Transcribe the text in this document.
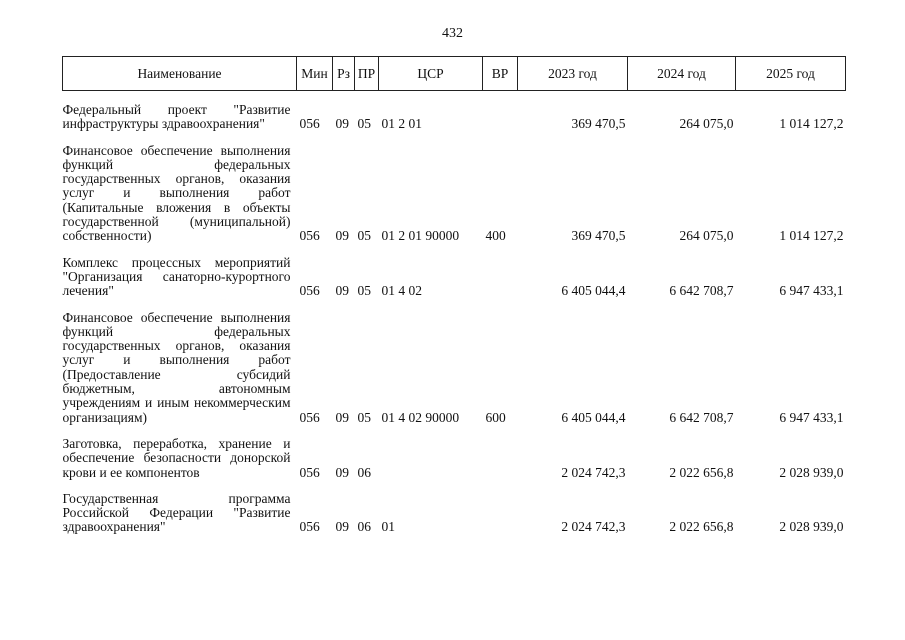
432
Наименование	Мин	Рз	ПР	ЦСР	ВР	2023 год	2024 год	2025 год
Федеральный проект "Развитие инфраструктуры здравоохранения"	056	09	05	01 2 01		369 470,5	264 075,0	1 014 127,2
Финансовое обеспечение выполнения функций федеральных государственных органов, оказания услуг и выполнения работ (Капитальные вложения в объекты государственной (муниципальной) собственности)	056	09	05	01 2 01 90000	400	369 470,5	264 075,0	1 014 127,2
Комплекс процессных мероприятий "Организация санаторно-курортного лечения"	056	09	05	01 4 02		6 405 044,4	6 642 708,7	6 947 433,1
Финансовое обеспечение выполнения функций федеральных государственных органов, оказания услуг и выполнения работ (Предоставление субсидий бюджетным, автономным учреждениям и иным некоммерческим организациям)	056	09	05	01 4 02 90000	600	6 405 044,4	6 642 708,7	6 947 433,1
Заготовка, переработка, хранение и обеспечение безопасности донорской крови и ее компонентов	056	09	06			2 024 742,3	2 022 656,8	2 028 939,0
Государственная программа Российской Федерации "Развитие здравоохранения"	056	09	06	01		2 024 742,3	2 022 656,8	2 028 939,0
